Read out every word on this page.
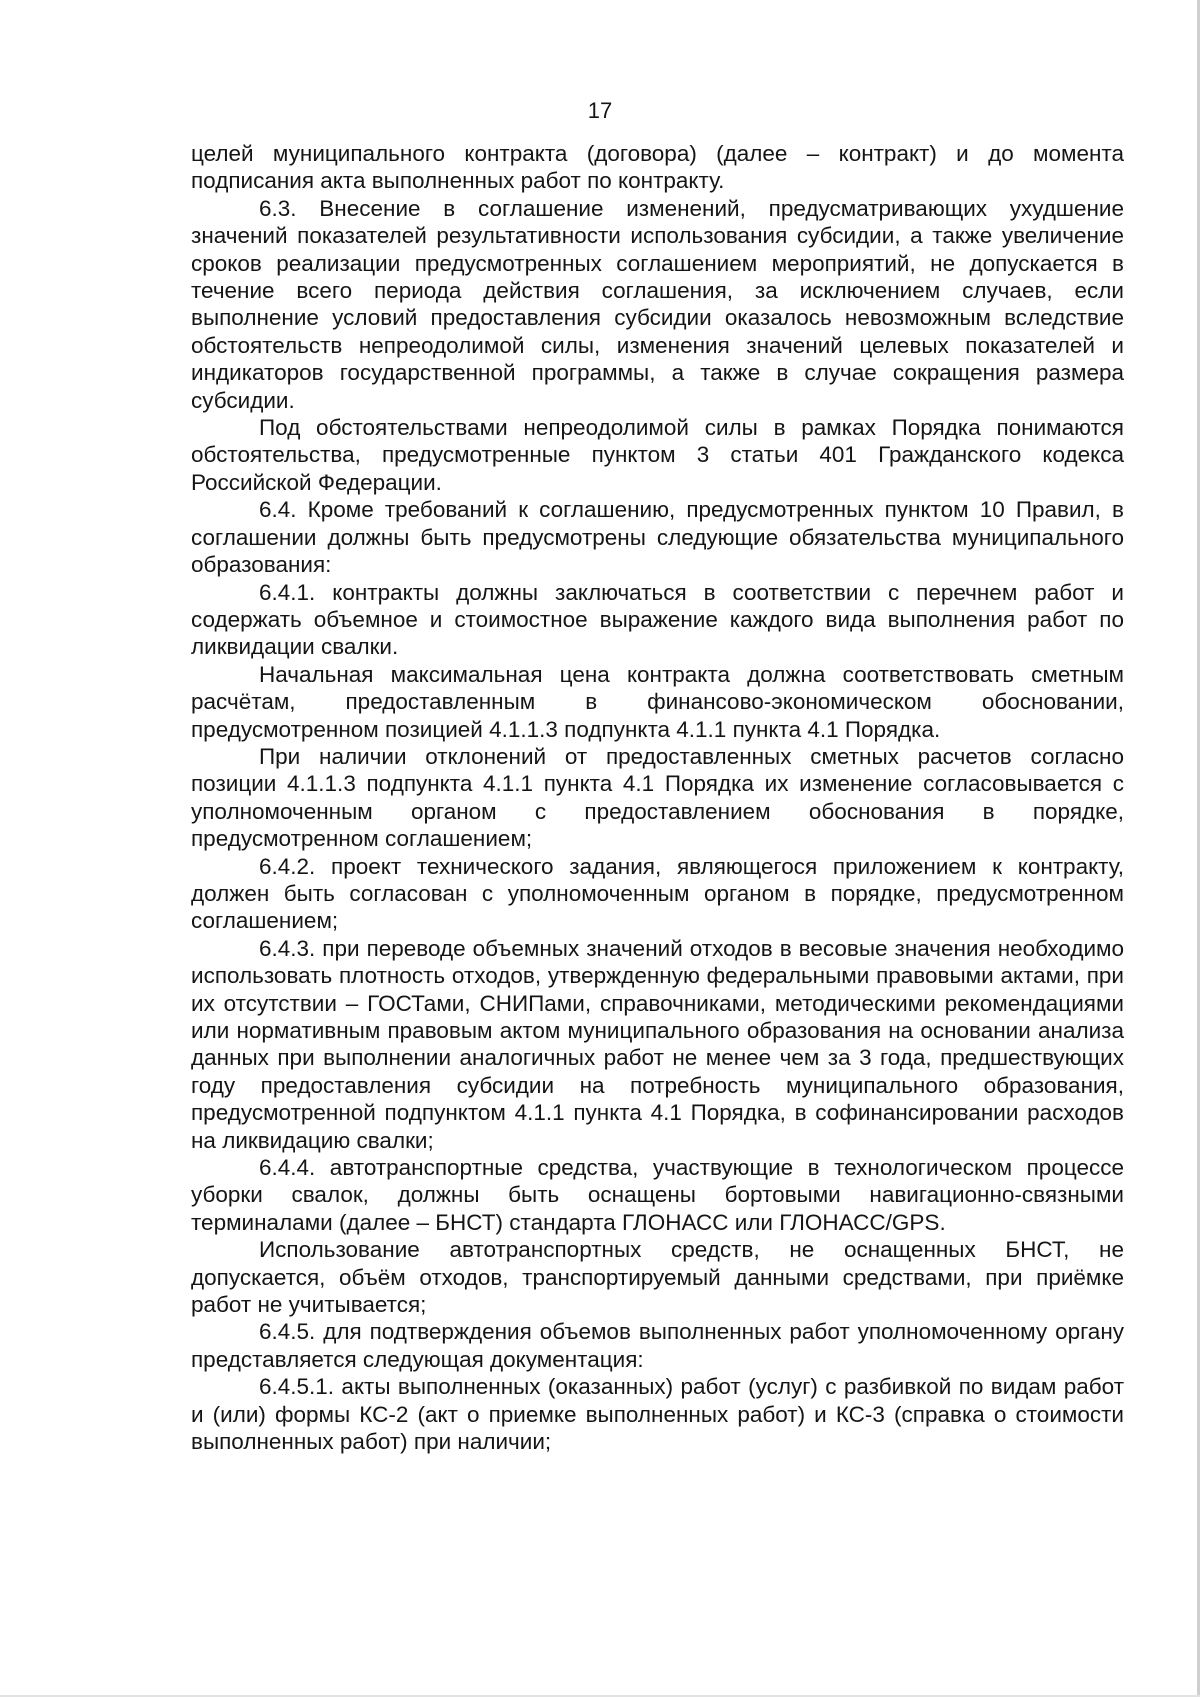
17

целей муниципального контракта (договора) (далее – контракт) и до момента подписания акта выполненных работ по контракту.

6.3. Внесение в соглашение изменений, предусматривающих ухудшение значений показателей результативности использования субсидии, а также увеличение сроков реализации предусмотренных соглашением мероприятий, не допускается в течение всего периода действия соглашения, за исключением случаев, если выполнение условий предоставления субсидии оказалось невозможным вследствие обстоятельств непреодолимой силы, изменения значений целевых показателей и индикаторов государственной программы, а также в случае сокращения размера субсидии.

Под обстоятельствами непреодолимой силы в рамках Порядка понимаются обстоятельства, предусмотренные пунктом 3 статьи 401 Гражданского кодекса Российской Федерации.

6.4. Кроме требований к соглашению, предусмотренных пунктом 10 Правил, в соглашении должны быть предусмотрены следующие обязательства муниципального образования:

6.4.1. контракты должны заключаться в соответствии с перечнем работ и содержать объемное и стоимостное выражение каждого вида выполнения работ по ликвидации свалки.

Начальная максимальная цена контракта должна соответствовать сметным расчётам, предоставленным в финансово-экономическом обосновании, предусмотренном позицией 4.1.1.3 подпункта 4.1.1 пункта 4.1 Порядка.

При наличии отклонений от предоставленных сметных расчетов согласно позиции 4.1.1.3 подпункта 4.1.1 пункта 4.1 Порядка их изменение согласовывается с уполномоченным органом с предоставлением обоснования в порядке, предусмотренном соглашением;

6.4.2. проект технического задания, являющегося приложением к контракту, должен быть согласован с уполномоченным органом в порядке, предусмотренном соглашением;

6.4.3. при переводе объемных значений отходов в весовые значения необходимо использовать плотность отходов, утвержденную федеральными правовыми актами, при их отсутствии – ГОСТами, СНИПами, справочниками, методическими рекомендациями или нормативным правовым актом муниципального образования на основании анализа данных при выполнении аналогичных работ не менее чем за 3 года, предшествующих году предоставления субсидии на потребность муниципального образования, предусмотренной подпунктом 4.1.1 пункта 4.1 Порядка, в софинансировании расходов на ликвидацию свалки;

6.4.4. автотранспортные средства, участвующие в технологическом процессе уборки свалок, должны быть оснащены бортовыми навигационно-связными терминалами (далее – БНСТ) стандарта ГЛОНАСС или ГЛОНАСС/GPS.

Использование автотранспортных средств, не оснащенных БНСТ, не допускается, объём отходов, транспортируемый данными средствами, при приёмке работ не учитывается;

6.4.5. для подтверждения объемов выполненных работ уполномоченному органу представляется следующая документация:

6.4.5.1. акты выполненных (оказанных) работ (услуг) с разбивкой по видам работ и (или) формы КС-2 (акт о приемке выполненных работ) и КС-3 (справка о стоимости выполненных работ) при наличии;
